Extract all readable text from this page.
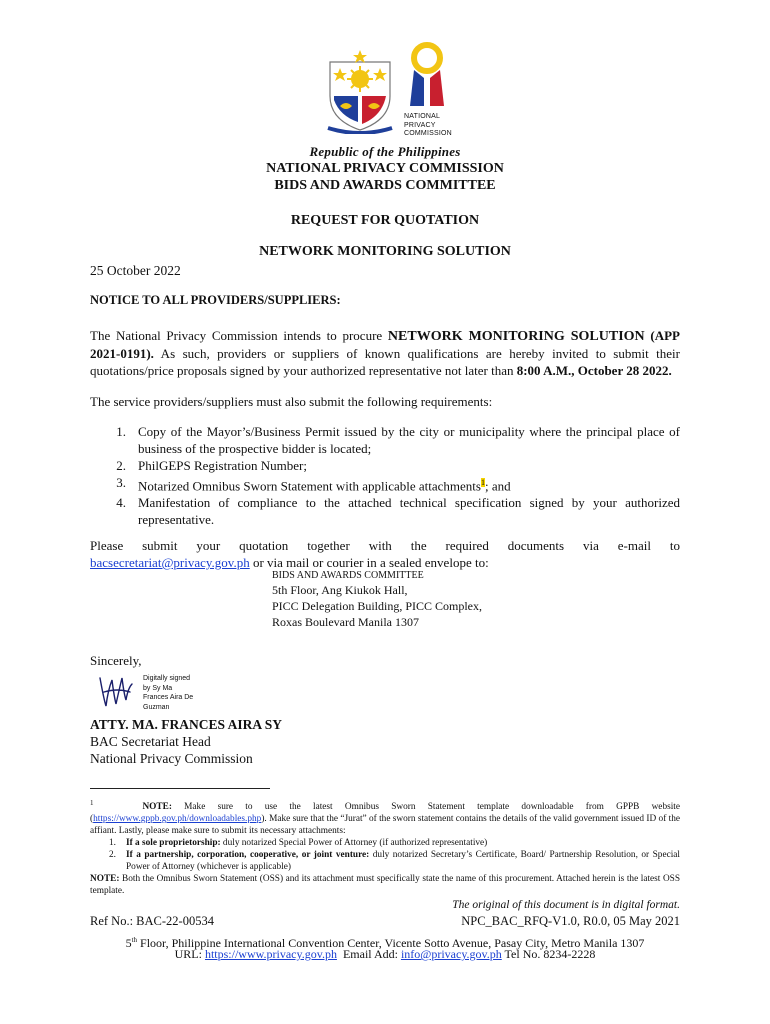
NATIONAL PRIVACY COMMISSION
Republic of the Philippines
NATIONAL PRIVACY COMMISSION
BIDS AND AWARDS COMMITTEE
REQUEST FOR QUOTATION
NETWORK MONITORING SOLUTION
25 October 2022
NOTICE TO ALL PROVIDERS/SUPPLIERS:
The National Privacy Commission intends to procure NETWORK MONITORING SOLUTION (APP 2021-0191). As such, providers or suppliers of known qualifications are hereby invited to submit their quotations/price proposals signed by your authorized representative not later than 8:00 A.M., October 28 2022.
The service providers/suppliers must also submit the following requirements:
1. Copy of the Mayor’s/Business Permit issued by the city or municipality where the principal place of business of the prospective bidder is located;
2. PhilGEPS Registration Number;
3. Notarized Omnibus Sworn Statement with applicable attachments$^1$; and
4. Manifestation of compliance to the attached technical specification signed by your authorized representative.
Please submit your quotation together with the required documents via e-mail to
bacsecretariat@privacy.gov.ph or via mail or courier in a sealed envelope to:
BIDS AND AWARDS COMMITTEE
5th Floor, Ang Kiukok Hall,
PICC Delegation Building, PICC Complex,
Roxas Boulevard Manila 1307
Sincerely,
Digitally signed
by Sy Ma
Frances Aira De
Guzman
ATTY. MA. FRANCES AIRA SY
BAC Secretariat Head
National Privacy Commission
$^1$	NOTE: Make sure to use the latest Omnibus Sworn Statement template downloadable from GPPB website (https://www.gppb.gov.ph/downloadables.php). Make sure that the “Jurat” of the sworn statement contains the details of the valid government issued ID of the affiant. Lastly, please make sure to submit its necessary attachments:
1. If a sole proprietorship: duly notarized Special Power of Attorney (if authorized representative)
2. If a partnership, corporation, cooperative, or joint venture: duly notarized Secretary’s Certificate, Board/ Partnership Resolution, or Special Power of Attorney (whichever is applicable)
NOTE: Both the Omnibus Sworn Statement (OSS) and its attachment must specifically state the name of this procurement. Attached herein is the latest OSS template.
The original of this document is in digital format.
Ref No.: BAC-22-00534	NPC_BAC_RFQ-V1.0, R0.0, 05 May 2021
5th Floor, Philippine International Convention Center, Vicente Sotto Avenue, Pasay City, Metro Manila 1307
URL: https://www.privacy.gov.ph  Email Add: info@privacy.gov.ph Tel No. 8234-2228
